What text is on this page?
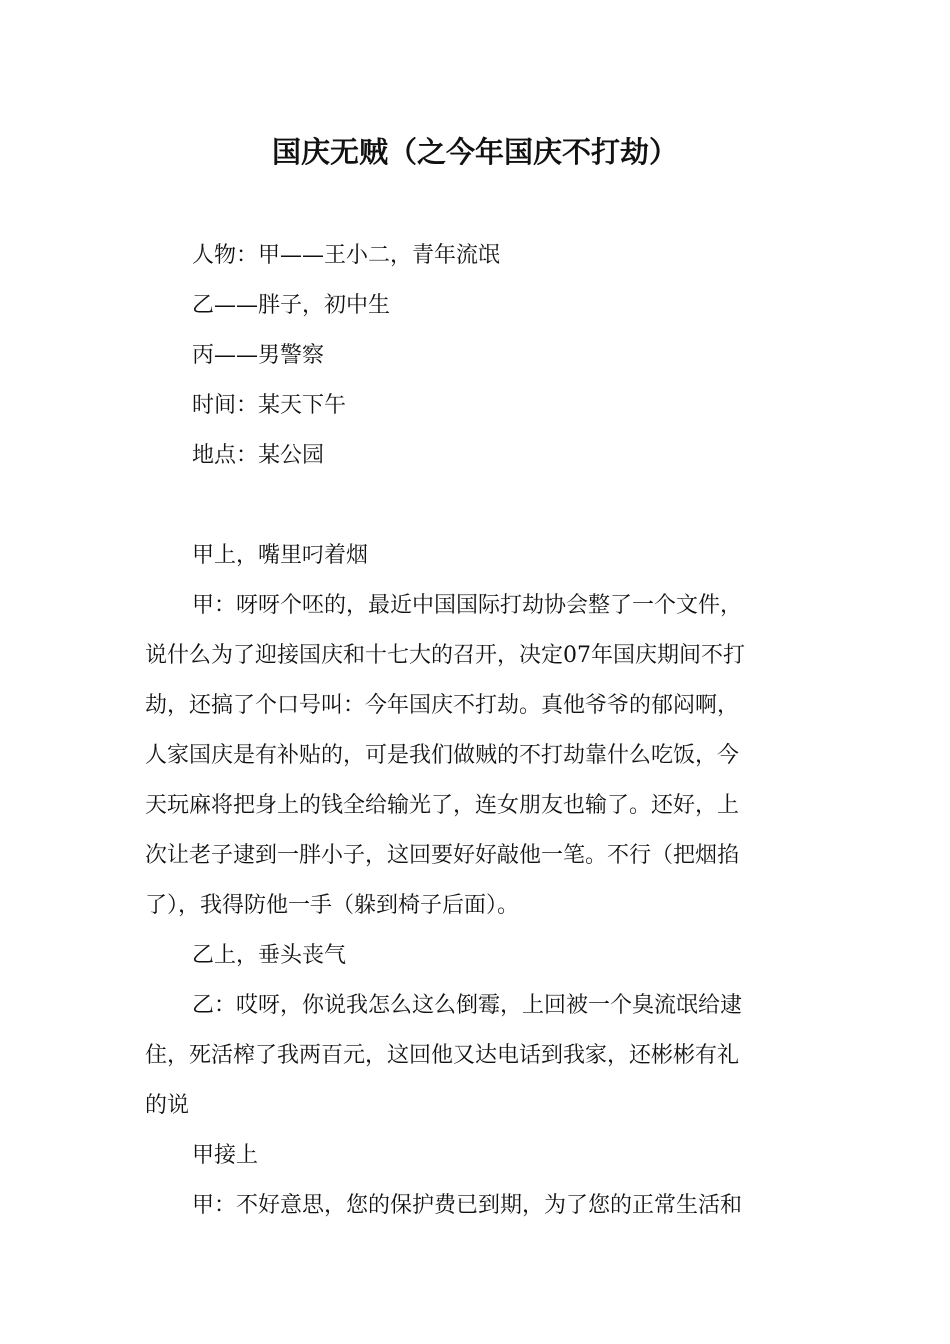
国庆无贼（之今年国庆不打劫）
人物：甲——王小二，青年流氓
乙——胖子，初中生
丙——男警察
时间：某天下午
地点：某公园
甲上，嘴里叼着烟
甲：呀呀个呸的，最近中国国际打劫协会整了一个文件，
说什么为了迎接国庆和十七大的召开，决定07年国庆期间不打
劫，还搞了个口号叫：今年国庆不打劫。真他爷爷的郁闷啊，
人家国庆是有补贴的，可是我们做贼的不打劫靠什么吃饭，今
天玩麻将把身上的钱全给输光了，连女朋友也输了。还好，上
次让老子逮到一胖小子，这回要好好敲他一笔。不行（把烟掐
了），我得防他一手（躲到椅子后面）。
乙上，垂头丧气
乙：哎呀，你说我怎么这么倒霉，上回被一个臭流氓给逮
住，死活榨了我两百元，这回他又达电话到我家，还彬彬有礼
的说
甲接上
甲：不好意思，您的保护费已到期，为了您的正常生活和
